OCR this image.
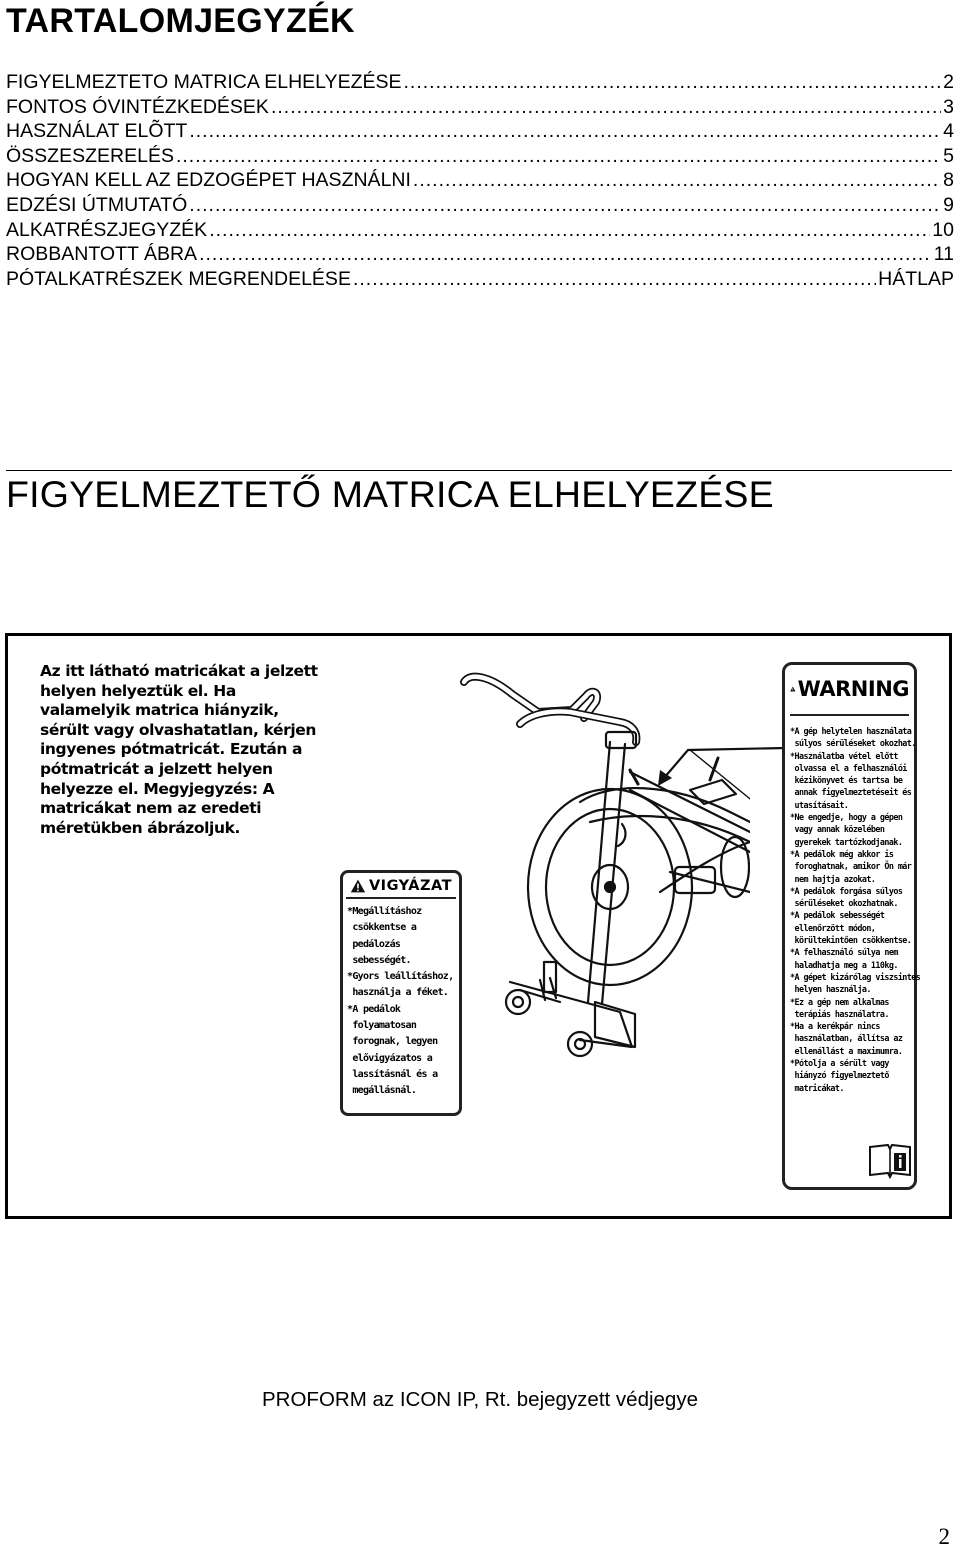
TARTALOMJEGYZÉK
FIGYELMEZTETO MATRICA ELHELYEZÉSE .....	2
FONTOS ÓVINTÉZKEDÉSEK .....	3
HASZNÁLAT ELÕTT .....	4
ÖSSZESZERELÉS .....	5
HOGYAN KELL AZ EDZOGÉPET HASZNÁLNI .....	8
EDZÉSI ÚTMUTATÓ .....	9
ALKATRÉSZJEGYZÉK .....	10
ROBBANTOTT ÁBRA .....	11
PÓTALKATRÉSZEK MEGRENDELÉSE .....	HÁTLAP
FIGYELMEZTETŐ MATRICA ELHELYEZÉSE

Az itt látható matricákat a jelzett helyen helyeztük el. Ha valamelyik matrica hiányzik, sérült vagy olvashatatlan, kérjen ingyenes pótmatricát. Ezután a pótmatricát a jelzett helyen helyezze el. Megyjegyzés: A matricákat nem az eredeti méretükben ábrázoljuk.

VIGYÁZAT
*Megállításhoz
csökkentse a
pedálozás
sebességét.
*Gyors leállításhoz,
használja a féket.
*A pedálok
folyamatosan
forognak, legyen
elővigyázatos a
lassításnál és a
megállásnál.
WARNING
*A gép helytelen használata
súlyos sérüléseket okozhat.
*Használatba vétel előtt
olvassa el a felhasználói
kézikönyvet és tartsa be
annak figyelmeztetéseit és
utasításait.
*Ne engedje, hogy a gépen
vagy annak közelében
gyerekek tartózkodjanak.
*A pedálok még akkor is
foroghatnak, amikor Ön már
nem hajtja azokat.
*A pedálok forgása súlyos
sérüléseket okozhatnak.
*A pedálok sebességét
ellenőrzött módon,
körültekintően csökkentse.
*A felhasználó súlya nem
haladhatja meg a 110kg.
*A gépet kizárólag viszsintes
helyen használja.
*Ez a gép nem alkalmas
terápiás használatra.
*Ha a kerékpár nincs
használatban, állítsa az
ellenállást a maximumra.
*Pótolja a sérült vagy
hiányzó figyelmeztető
matricákat.

PROFORM az ICON IP, Rt. bejegyzett védjegye

2
